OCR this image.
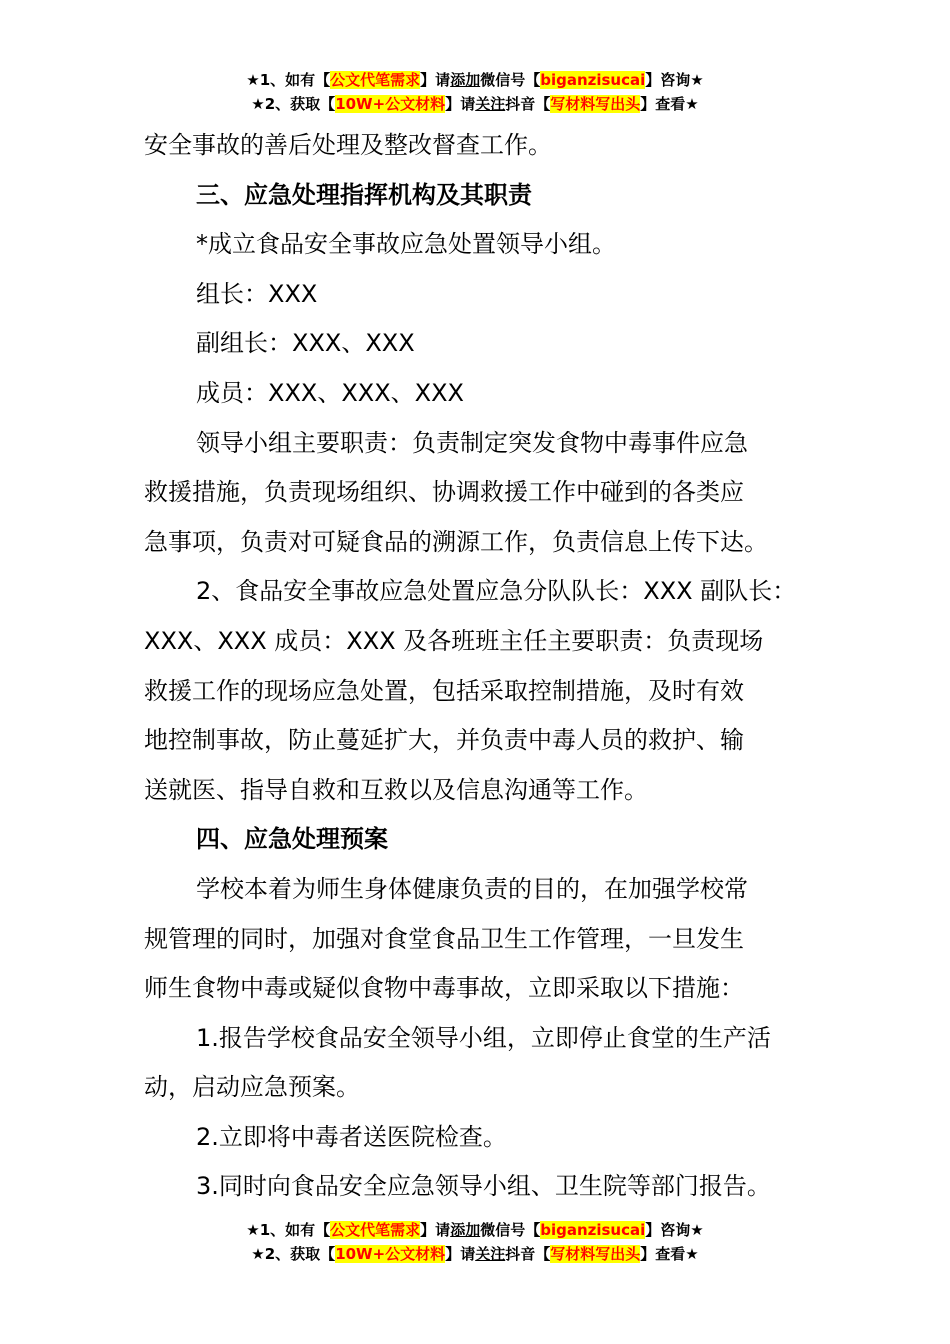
★1、如有【公文代笔需求】请添加微信号【biganzisucai】咨询★
★2、获取【10W+公文材料】请关注抖音【写材料写出头】查看★
安全事故的善后处理及整改督查工作。
三、应急处理指挥机构及其职责
*成立食品安全事故应急处置领导小组。
组长：XXX
副组长：XXX、XXX
成员：XXX、XXX、XXX
领导小组主要职责：负责制定突发食物中毒事件应急
救援措施，负责现场组织、协调救援工作中碰到的各类应
急事项，负责对可疑食品的溯源工作，负责信息上传下达。
2、食品安全事故应急处置应急分队队长：XXX 副队长：
XXX、XXX 成员：XXX 及各班班主任主要职责：负责现场
救援工作的现场应急处置，包括采取控制措施，及时有效
地控制事故，防止蔓延扩大，并负责中毒人员的救护、输
送就医、指导自救和互救以及信息沟通等工作。
四、应急处理预案
学校本着为师生身体健康负责的目的，在加强学校常
规管理的同时，加强对食堂食品卫生工作管理，一旦发生
师生食物中毒或疑似食物中毒事故，立即采取以下措施：
1.报告学校食品安全领导小组，立即停止食堂的生产活
动，启动应急预案。
2.立即将中毒者送医院检查。
3.同时向食品安全应急领导小组、卫生院等部门报告。
★1、如有【公文代笔需求】请添加微信号【biganzisucai】咨询★
★2、获取【10W+公文材料】请关注抖音【写材料写出头】查看★
